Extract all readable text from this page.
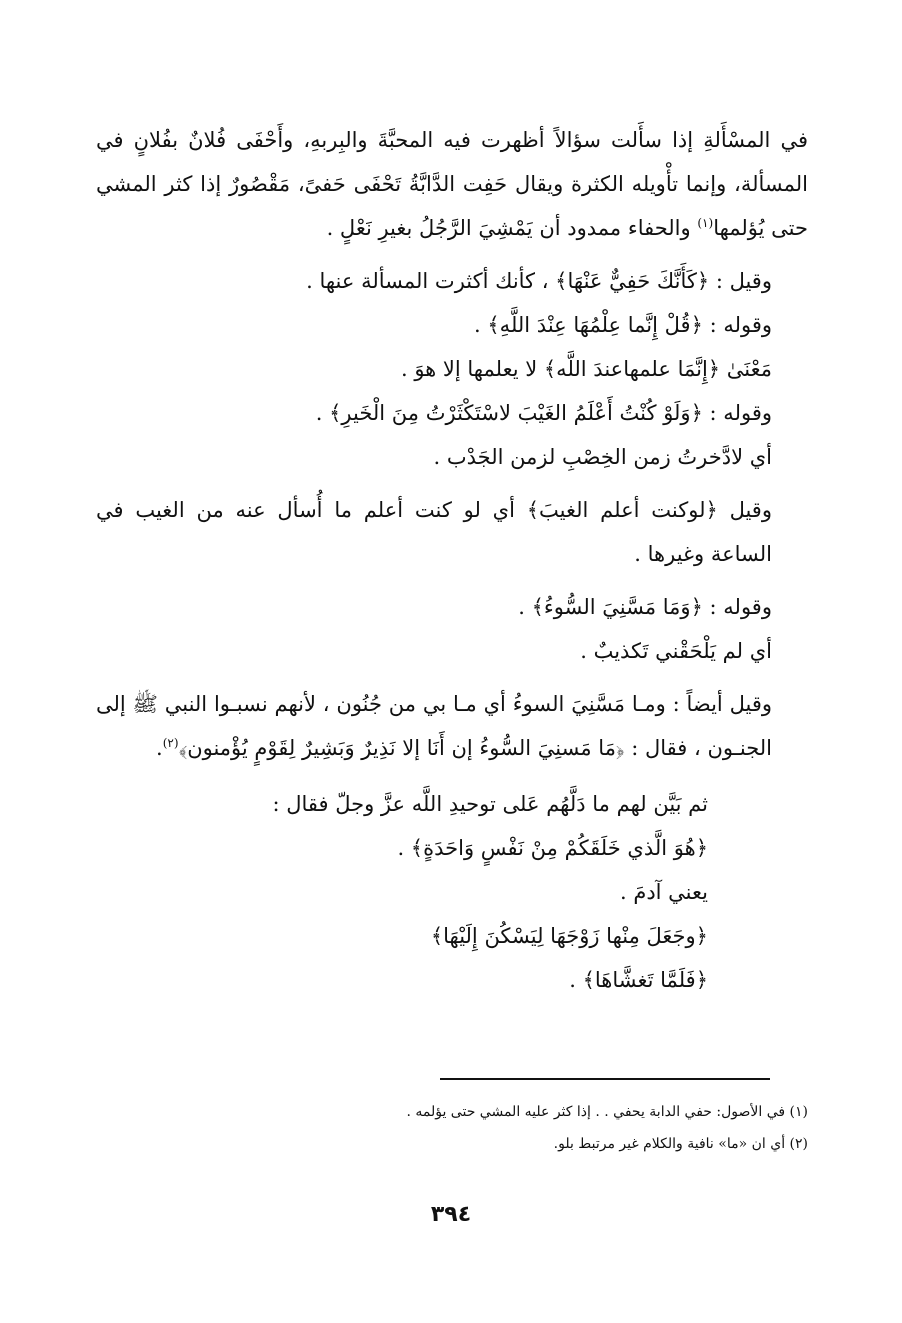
في المسْأَلةِ إذا سأَلت سؤالاً أظهرت فيه المحبَّةَ والبِربهِ، وأَحْفَى فُلانٌ بفُلانٍ في المسألة، وإنما تأْويله الكثرة ويقال حَفِت الدَّابَّةُ تَحْفَى حَفىً، مَقْصُورٌ إذا كثر المشي حتى يُؤلمها$^{(١)}$ والحفاء ممدود أن يَمْشِيَ الرَّجُلُ بغيرِ نَعْلٍ .

وقيل : ﴿كَأَنَّكَ حَفِيٌّ عَنْهَا﴾ ، كأنك أكثرت المسألة عنها .

وقوله : ﴿قُلْ إِنَّما عِلْمُهَا عِنْدَ اللَّهِ﴾ .

مَعْنَىٰ ﴿إِنَّمَا علمهاعندَ اللَّه﴾ لا يعلمها إلا هوَ .

وقوله : ﴿وَلَوْ كُنْتُ أَعْلَمُ الغَيْبَ لاسْتَكْثَرْتُ مِنَ الْخَيرِ﴾ .

أي لادَّخرتُ زمن الخِصْبِ لزمن الجَدْب .

وقيل ﴿لوكنت أعلم الغيبَ﴾ أي لو كنت أعلم ما أُسأل عنه من الغيب في الساعة وغيرها .

وقوله : ﴿وَمَا مَسَّنِيَ السُّوءُ﴾ .

أي لم يَلْحَقْني تَكذيبٌ .

وقيل أيضاً : ومـا مَسَّنِيَ السوءُ أي مـا بي من جُنُون ، لأنهم نسبـوا النبي ﷺ إلى الجنـون ، فقال : ﴿مَا مَسنِيَ السُّوءُ إن أَنَا إلا نَذِيرٌ وَبَشِيرٌ لِقَوْمٍ يُؤْمنون﴾$^{(٢)}$.

ثم بَيَّن لهم ما دَلَّهُم عَلى توحيدِ اللَّه عزَّ وجلّ فقال :

﴿هُوَ الَّذي خَلَقَكُمْ مِنْ نَفْسٍ وَاحَدَةٍ﴾ .

يعني آدمَ .

﴿وجَعَلَ مِنْها زَوْجَهَا لِيَسْكُنَ إِلَيْهَا﴾

﴿فَلَمَّا تَغشَّاهَا﴾ .

(١) في الأصول: حفي الدابة يحفي . . إذا كثر عليه المشي حتى يؤلمه .

(٢) أي ان «ما» نافية والكلام غير مرتبط بلو.

٣٩٤
